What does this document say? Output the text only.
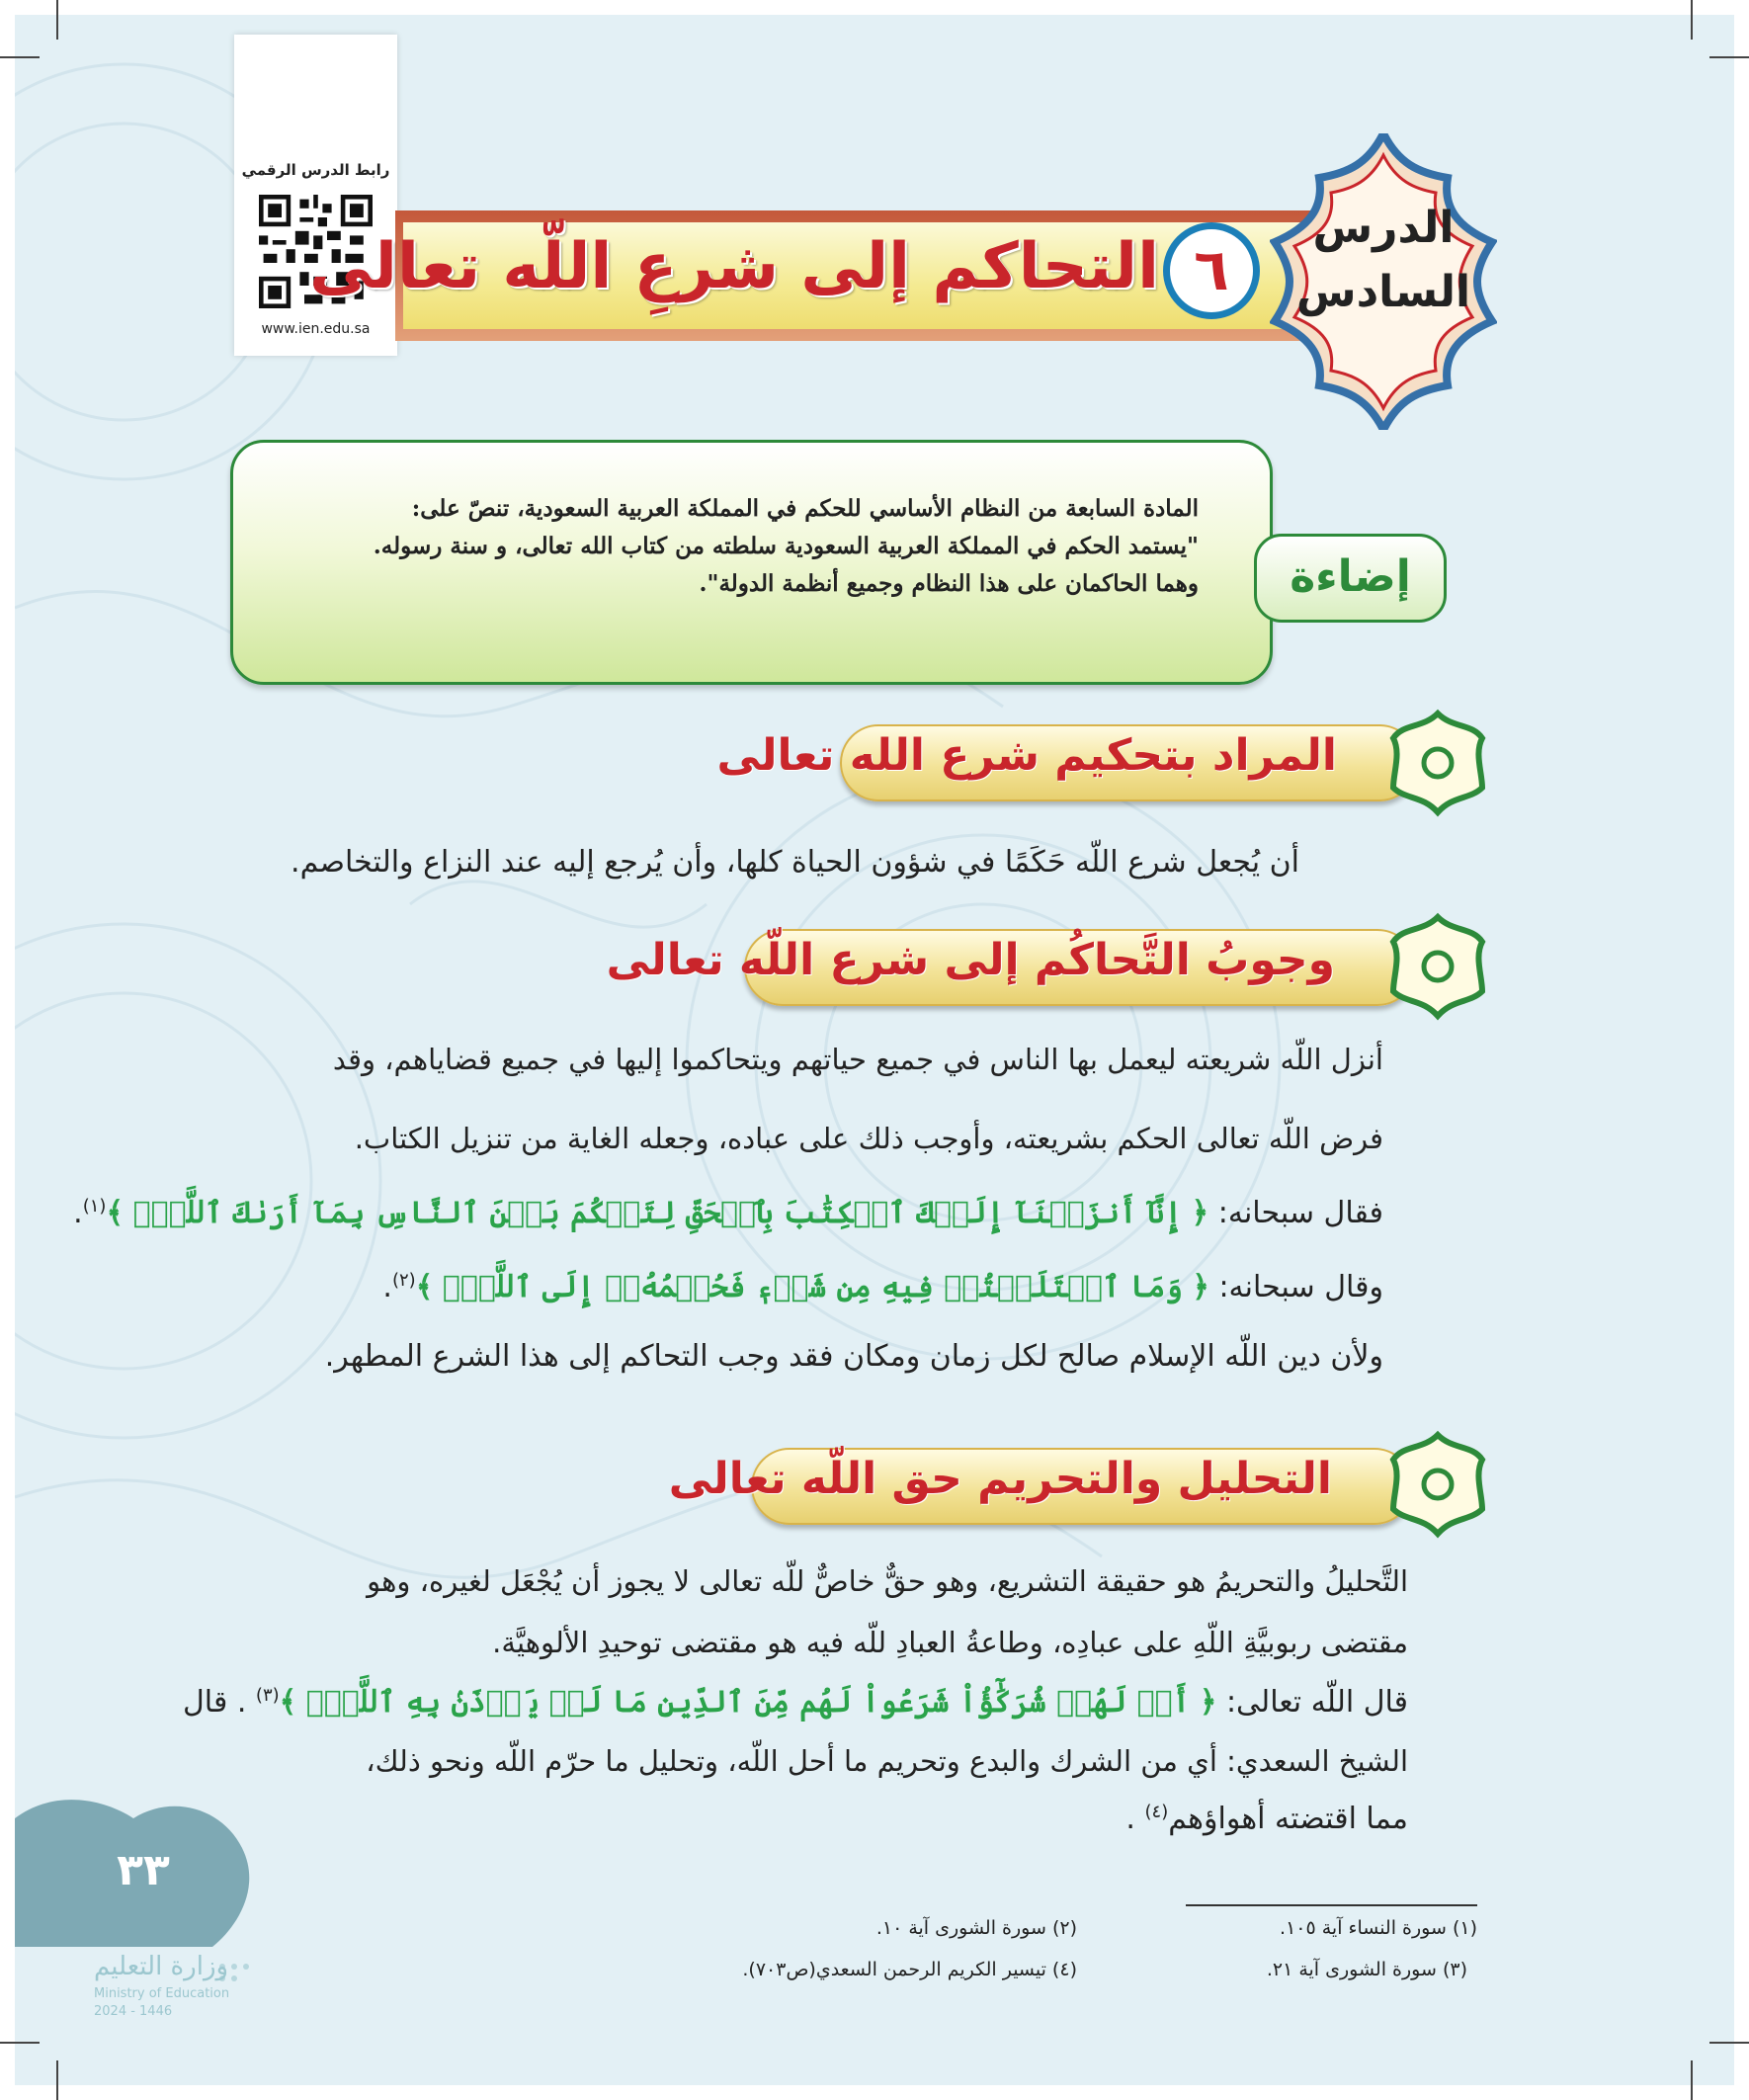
رابط الدرس الرقمي
www.ien.edu.sa
التحاكم إلى شرعِ اللّه تعالى ٦
الدرس
السادس
المادة السابعة من النظام الأساسي للحكم في المملكة العربية السعودية، تنصّ على:
"يستمد الحكم في المملكة العربية السعودية سلطته من كتاب الله تعالى، و سنة رسوله.
وهما الحاكمان على هذا النظام وجميع أنظمة الدولة".	إضاءة
المراد بتحكيم شرع الله تعالى
أن يُجعل شرع اللّه حَكَمًا في شؤون الحياة كلها، وأن يُرجع إليه عند النزاع والتخاصم.
وجوبُ التَّحاكُم إلى شرع اللّه تعالى
أنزل اللّه شريعته ليعمل بها الناس في جميع حياتهم ويتحاكموا إليها في جميع قضاياهم، وقد
فرض اللّه تعالى الحكم بشريعته، وأوجب ذلك على عباده، وجعله الغاية من تنزيل الكتاب.
فقال سبحانه: ﴿ إِنَّآ أَنزَلۡنَآ إِلَيۡكَ ٱلۡكِتَٰبَ بِٱلۡحَقِّ لِتَحۡكُمَ بَيۡنَ ٱلنَّاسِ بِمَآ أَرَىٰكَ ٱللَّهُۚ ﴾$^{(١)}$.
وقال سبحانه: ﴿ وَمَا ٱخۡتَلَفۡتُمۡ فِيهِ مِن شَيۡءٖ فَحُكۡمُهُۥٓ إِلَى ٱللَّهِۚ ﴾$^{(٢)}$.
ولأن دين اللّه الإسلام صالح لكل زمان ومكان فقد وجب التحاكم إلى هذا الشرع المطهر.
التحليل والتحريم حق اللّه تعالى
التَّحليلُ والتحريمُ هو حقيقة التشريع، وهو حقٌّ خاصٌّ للّه تعالى لا يجوز أن يُجْعَل لغيره، وهو
مقتضى ربوبيَّةِ اللّهِ على عبادِه، وطاعةُ العبادِ للّه فيه هو مقتضى توحيدِ الألوهيَّة.
قال اللّه تعالى: ﴿ أَمۡ لَهُمۡ شُرَكَٰٓؤُاْ شَرَعُواْ لَهُم مِّنَ ٱلدِّينِ مَا لَمۡ يَأۡذَنۢ بِهِ ٱللَّهُۚ ﴾$^{(٣)}$ . قال
الشيخ السعدي: أي من الشرك والبدع وتحريم ما أحل اللّه، وتحليل ما حرّم اللّه ونحو ذلك،
مما اقتضته أهواؤهم$^{(٤)}$ .
(١) سورة النساء آية ١٠٥.
(٢) سورة الشورى آية ١٠.
(٣) سورة الشورى آية ٢١.
(٤) تيسير الكريم الرحمن السعدي(ص٧٠٣).
٣٣
وزارة التعليم
Ministry of Education
2024 - 1446
